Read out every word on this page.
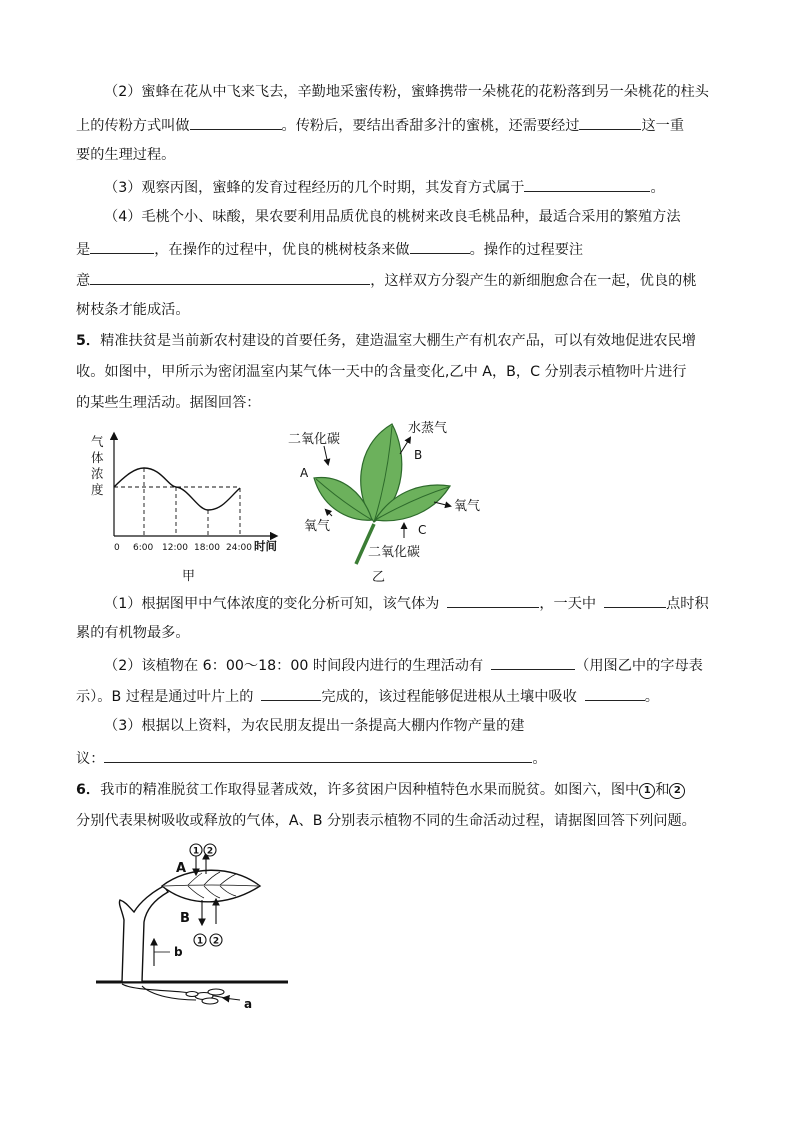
（2）蜜蜂在花从中飞来飞去，辛勤地采蜜传粉，蜜蜂携带一朵桃花的花粉落到另一朵桃花的柱头
上的传粉方式叫做	。传粉后，要结出香甜多汁的蜜桃，还需要经过	这一重
要的生理过程。
（3）观察丙图，蜜蜂的发育过程经历的几个时期，其发育方式属于	。
（4）毛桃个小、味酸，果农要利用品质优良的桃树来改良毛桃品种，最适合采用的繁殖方法
是	，在操作的过程中，优良的桃树枝条来做	。操作的过程要注
意	，这样双方分裂产生的新细胞愈合在一起，优良的桃
树枝条才能成活。
5．精准扶贫是当前新农村建设的首要任务，建造温室大棚生产有机农产品，可以有效地促进农民增
收。如图中，甲所示为密闭温室内某气体一天中的含量变化,乙中 A，B，C 分别表示植物叶片进行
的某些生理活动。据图回答：
气
体
浓
度
0 6:00 12:00 18:00 24:00 时间
甲
二氧化碳
水蒸气
B
A
氧气
氧气	C
二氧化碳
乙
（1）根据图甲中气体浓度的变化分析可知，该气体为	，一天中	点时积
累的有机物最多。
（2）该植物在 6：00～18：00 时间段内进行的生理活动有	（用图乙中的字母表
示）。B 过程是通过叶片上的	完成的，该过程能够促进根从土壤中吸收	。
（3）根据以上资料，为农民朋友提出一条提高大棚内作物产量的建
议：	。
6．我市的精准脱贫工作取得显著成效，许多贫困户因种植特色水果而脱贫。如图六，图中 1 和 2
分别代表果树吸收或释放的气体，A、B 分别表示植物不同的生命活动过程，请据图回答下列问题。
1 2
1 2
A
B
b
a
